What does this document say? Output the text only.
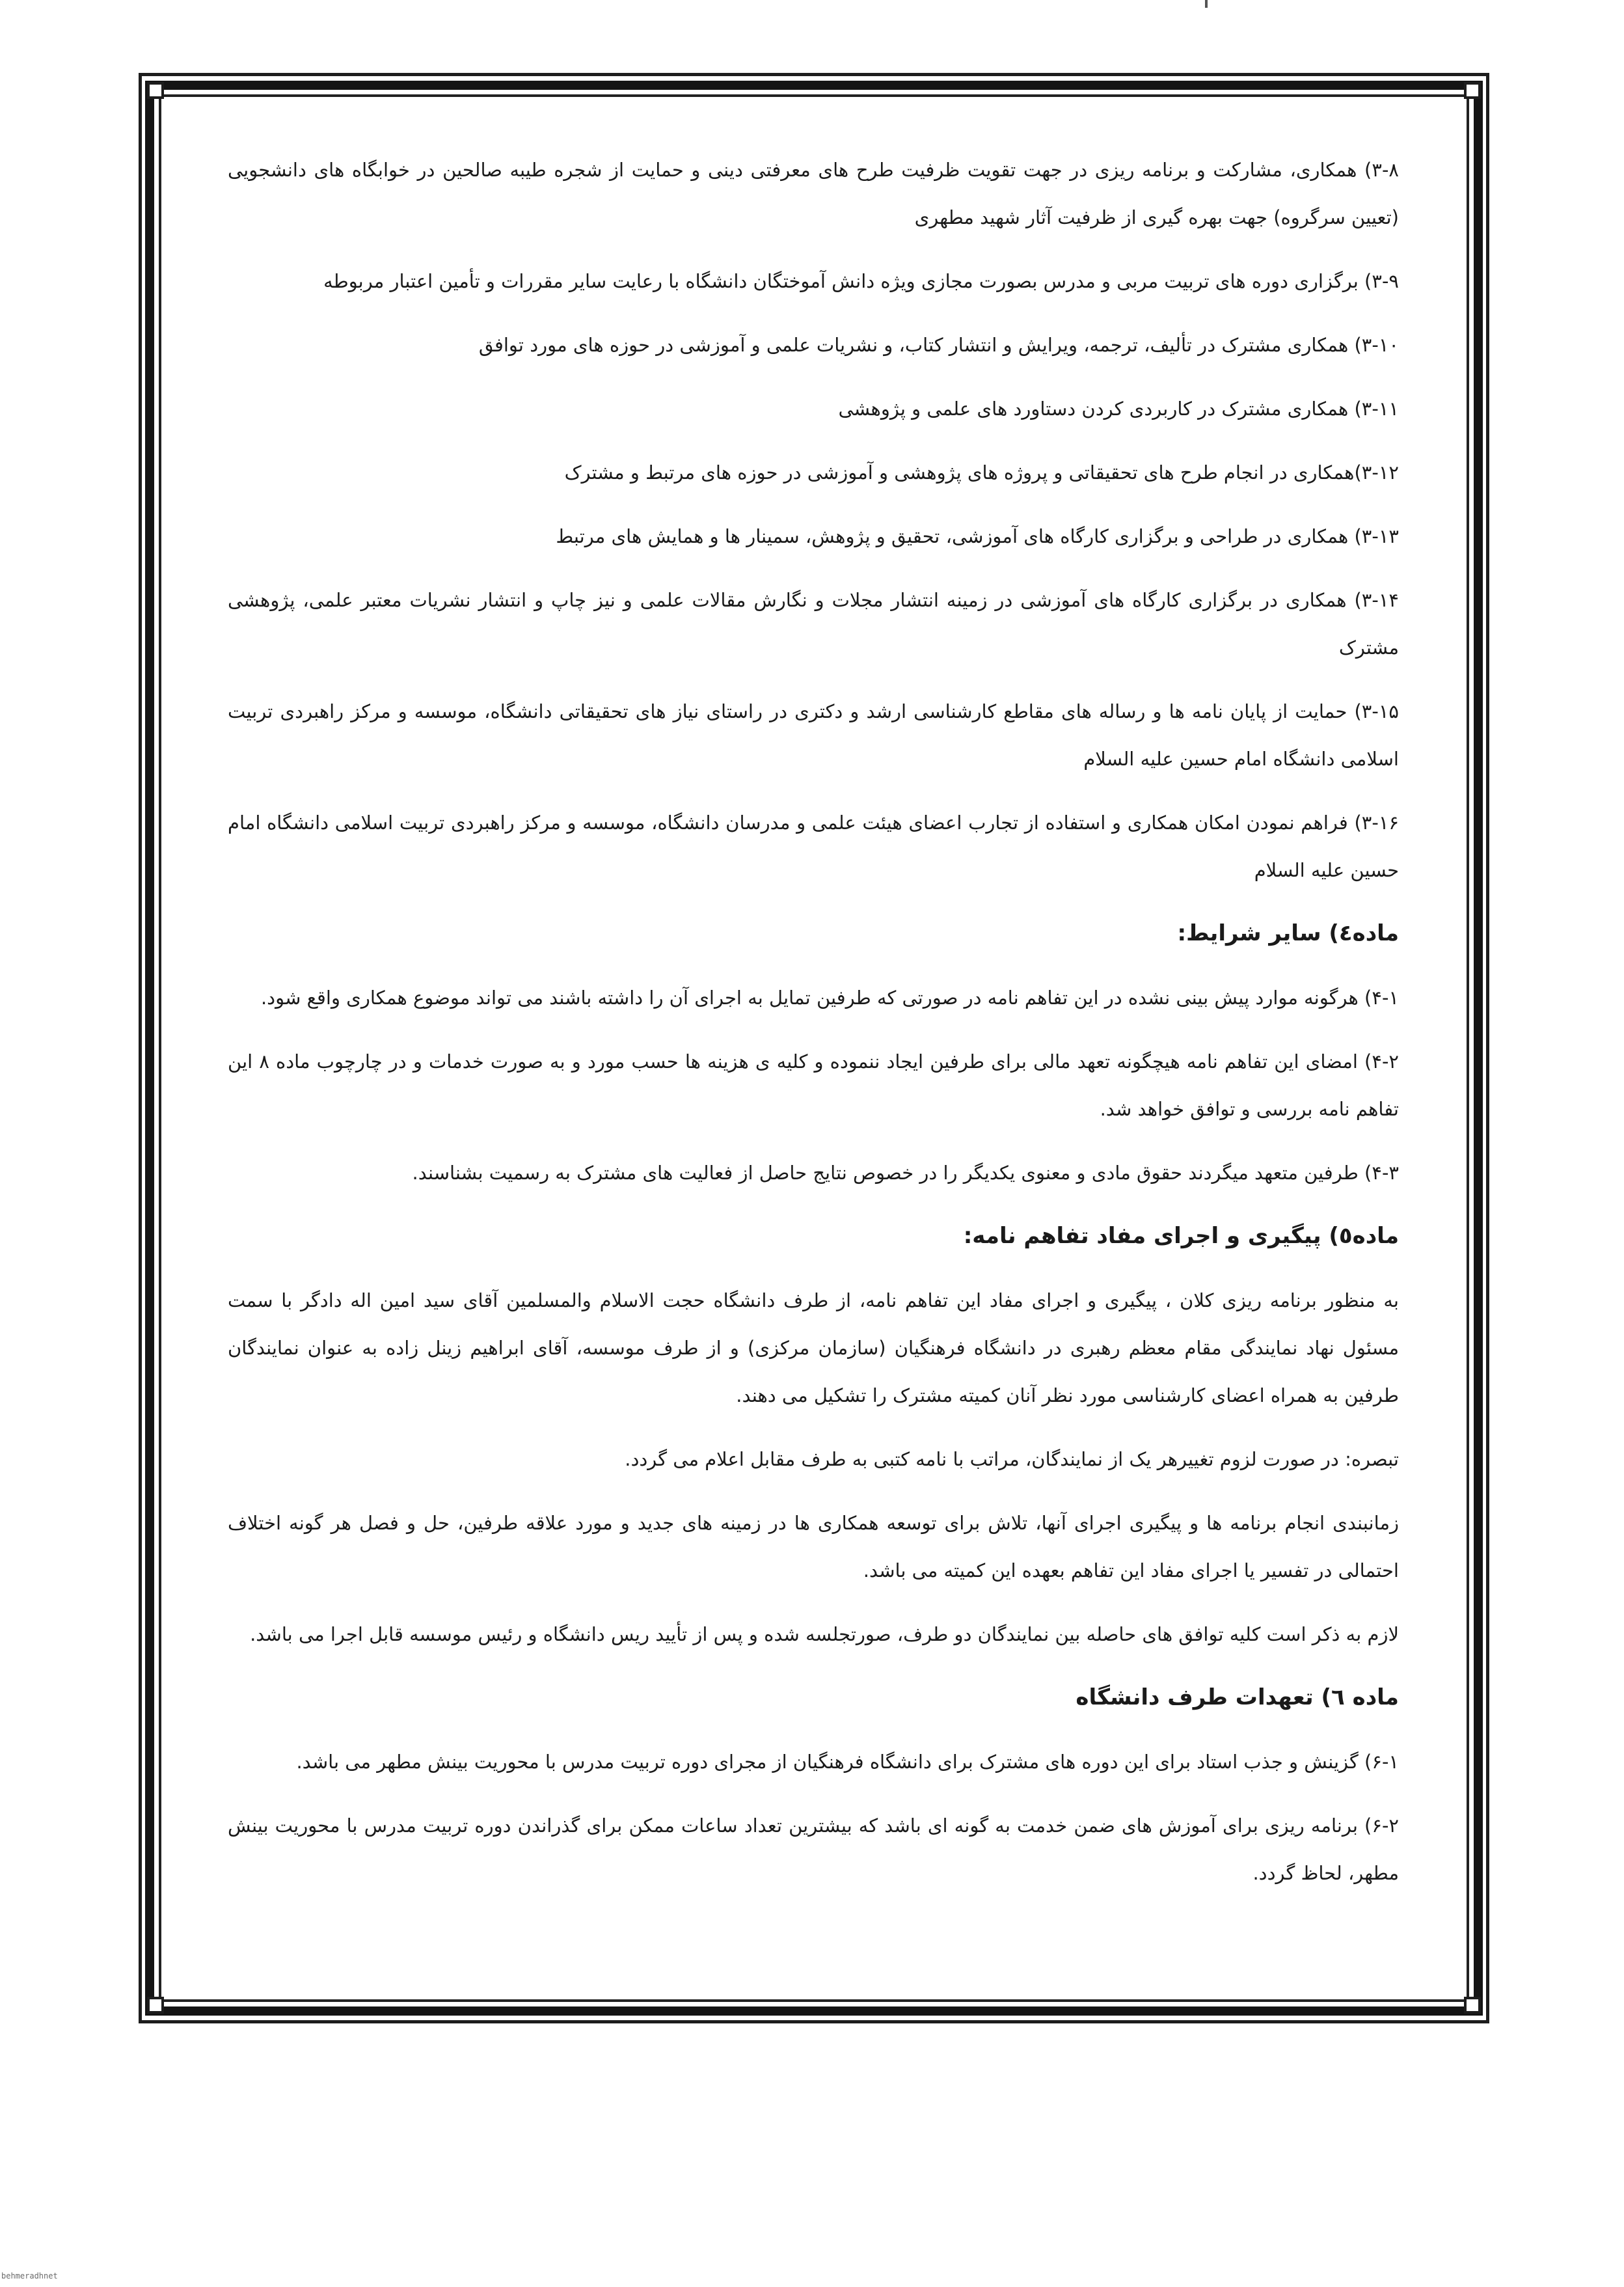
۳-۸) همکاری، مشارکت و برنامه ریزی در جهت تقویت ظرفیت طرح های معرفتی دینی و حمایت از شجره طیبه صالحین در خوابگاه های دانشجویی (تعیین سرگروه) جهت بهره گیری از ظرفیت آثار شهید مطهری

۳-۹) برگزاری دوره های تربیت مربی و مدرس بصورت مجازی ویژه دانش آموختگان دانشگاه با رعایت سایر مقررات و تأمین اعتبار مربوطه

۳-۱۰) همکاری مشترک در تألیف، ترجمه، ویرایش و انتشار کتاب، و نشریات علمی و آموزشی در حوزه های مورد توافق

۳-۱۱) همکاری مشترک در کاربردی کردن دستاورد های علمی و پژوهشی

۳-۱۲)همکاری در انجام طرح های تحقیقاتی و پروژه های پژوهشی و آموزشی در حوزه های مرتبط و مشترک

۳-۱۳) همکاری در طراحی و برگزاری کارگاه های آموزشی، تحقیق و پژوهش، سمینار ها و همایش های مرتبط

۳-۱۴) همکاری در برگزاری کارگاه های آموزشی در زمینه انتشار مجلات و نگارش مقالات علمی و نیز چاپ و انتشار نشریات معتبر علمی، پژوهشی مشترک

۳-۱۵) حمایت از پایان نامه ها و رساله های مقاطع کارشناسی ارشد و دکتری در راستای نیاز های تحقیقاتی دانشگاه، موسسه و مرکز راهبردی تربیت اسلامی دانشگاه امام حسین علیه السلام

۳-۱۶) فراهم نمودن امکان همکاری و استفاده از تجارب اعضای هیئت علمی و مدرسان دانشگاه، موسسه و مرکز راهبردی تربیت اسلامی دانشگاه امام حسین علیه السلام

ماده٤) سایر شرایط:

۴-۱) هرگونه موارد پیش بینی نشده در این تفاهم نامه در صورتی که طرفین تمایل به اجرای آن را داشته باشند می تواند موضوع همکاری واقع شود.

۴-۲) امضای این تفاهم نامه هیچگونه تعهد مالی برای طرفین ایجاد ننموده و کلیه ی هزینه ها حسب مورد و به صورت خدمات و در چارچوب ماده ۸ این تفاهم نامه بررسی و توافق خواهد شد.

۴-۳) طرفین متعهد میگردند حقوق مادی و معنوی یکدیگر را در خصوص نتایج حاصل از فعالیت های مشترک به رسمیت بشناسند.

ماده٥) پیگیری و اجرای مفاد تفاهم نامه:

به منظور برنامه ریزی کلان ، پیگیری و اجرای مفاد این تفاهم نامه، از طرف دانشگاه حجت الاسلام والمسلمین آقای سید امین اله دادگر با سمت مسئول نهاد نمایندگی مقام معظم رهبری در دانشگاه فرهنگیان (سازمان مرکزی) و از طرف موسسه، آقای ابراهیم زینل زاده به عنوان نمایندگان طرفین به همراه اعضای کارشناسی مورد نظر آنان کمیته مشترک را تشکیل می دهند.

تبصره: در صورت لزوم تغییرهر یک از نمایندگان، مراتب با نامه کتبی به طرف مقابل اعلام می گردد.

زمانبندی انجام برنامه ها و پیگیری اجرای آنها، تلاش برای توسعه همکاری ها در زمینه های جدید و مورد علاقه طرفین، حل و فصل هر گونه اختلاف احتمالی در تفسیر یا اجرای مفاد این تفاهم بعهده این کمیته می باشد.

لازم به ذکر است کلیه توافق های حاصله بین نمایندگان دو طرف، صورتجلسه شده و پس از تأیید ریس دانشگاه و رئیس موسسه قابل اجرا می باشد.

ماده ٦) تعهدات طرف دانشگاه

۶-۱) گزینش و جذب استاد برای این دوره های مشترک برای دانشگاه فرهنگیان از مجرای دوره تربیت مدرس با محوریت بینش مطهر می باشد.

۶-۲) برنامه ریزی برای آموزش های ضمن خدمت به گونه ای باشد که بیشترین تعداد ساعات ممکن برای گذراندن دوره تربیت مدرس با محوریت بینش مطهر، لحاظ گردد.

behmeradhnet
